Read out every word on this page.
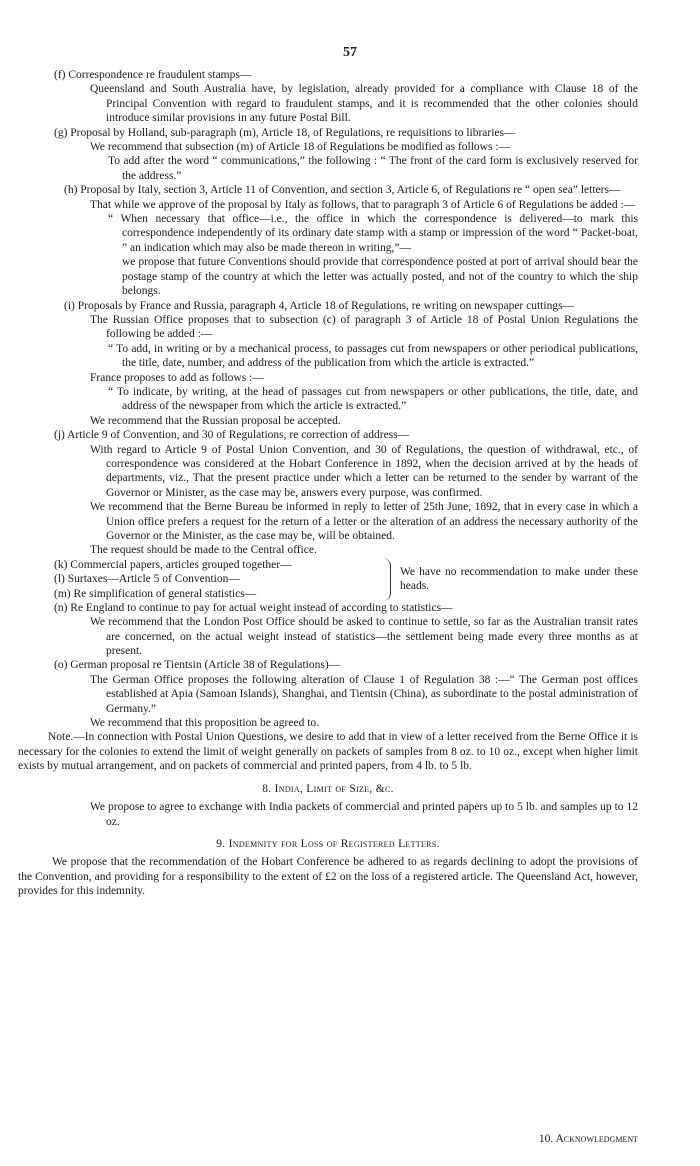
57

(f) Correspondence re fraudulent stamps—

Queensland and South Australia have, by legislation, already provided for a compliance with Clause 18 of the Principal Convention with regard to fraudulent stamps, and it is recommended that the other colonies should introduce similar provisions in any future Postal Bill.

(g) Proposal by Holland, sub-paragraph (m), Article 18, of Regulations, re requisitions to libraries—

We recommend that subsection (m) of Article 18 of Regulations be modified as follows :—

To add after the word “ communications,” the following : “ The front of the card form is exclusively reserved for the address.”

(h) Proposal by Italy, section 3, Article 11 of Convention, and section 3, Article 6, of Regulations re “ open sea” letters—

That while we approve of the proposal by Italy as follows, that to paragraph 3 of Article 6 of Regulations be added :—

“ When necessary that office—i.e., the office in which the correspondence is delivered—to mark this correspondence independently of its ordinary date stamp with a stamp or impression of the word “ Packet-boat, ” an indication which may also be made thereon in writing,”—

we propose that future Conventions should provide that correspondence posted at port of arrival should bear the postage stamp of the country at which the letter was actually posted, and not of the country to which the ship belongs.

(i) Proposals by France and Russia, paragraph 4, Article 18 of Regulations, re writing on newspaper cuttings—

The Russian Office proposes that to subsection (c) of paragraph 3 of Article 18 of Postal Union Regulations the following be added :—

“ To add, in writing or by a mechanical process, to passages cut from newspapers or other periodical publications, the title, date, number, and address of the publication from which the article is extracted.”

France proposes to add as follows :—

“ To indicate, by writing, at the head of passages cut from newspapers or other publications, the title, date, and address of the newspaper from which the article is extracted.”

We recommend that the Russian proposal be accepted.

(j) Article 9 of Convention, and 30 of Regulations, re correction of address—

With regard to Article 9 of Postal Union Convention, and 30 of Regulations, the question of withdrawal, etc., of correspondence was considered at the Hobart Conference in 1892, when the decision arrived at by the heads of departments, viz., That the present practice under which a letter can be returned to the sender by warrant of the Governor or Minister, as the case may be, answers every purpose, was confirmed.

We recommend that the Berne Bureau be informed in reply to letter of 25th June, 1892, that in every case in which a Union office prefers a request for the return of a letter or the alteration of an address the necessary authority of the Governor or the Minister, as the case may be, will be obtained.

The request should be made to the Central office.

(k) Commercial papers, articles grouped together—

(l) Surtaxes—Article 5 of Convention—

(m) Re simplification of general statistics—

We have no recommendation to make under these heads.

(n) Re England to continue to pay for actual weight instead of according to statistics—

We recommend that the London Post Office should be asked to continue to settle, so far as the Australian transit rates are concerned, on the actual weight instead of statistics—the settlement being made every three months as at present.

(o) German proposal re Tientsin (Article 38 of Regulations)—

The German Office proposes the following alteration of Clause 1 of Regulation 38 :—“ The German post offices established at Apia (Samoan Islands), Shanghai, and Tientsin (China), as subordinate to the postal administration of Germany.”

We recommend that this proposition be agreed to.

Note.—In connection with Postal Union Questions, we desire to add that in view of a letter received from the Berne Office it is necessary for the colonies to extend the limit of weight generally on packets of samples from 8 oz. to 10 oz., except when higher limit exists by mutual arrangement, and on packets of commercial and printed papers, from 4 lb. to 5 lb.

8. India, Limit of Size, &c.

We propose to agree to exchange with India packets of commercial and printed papers up to 5 lb. and samples up to 12 oz.

9. Indemnity for Loss of Registered Letters.

We propose that the recommendation of the Hobart Conference be adhered to as regards declining to adopt the provisions of the Convention, and providing for a responsibility to the extent of £2 on the loss of a registered article. The Queensland Act, however, provides for this indemnity.

10. Acknowledgment
